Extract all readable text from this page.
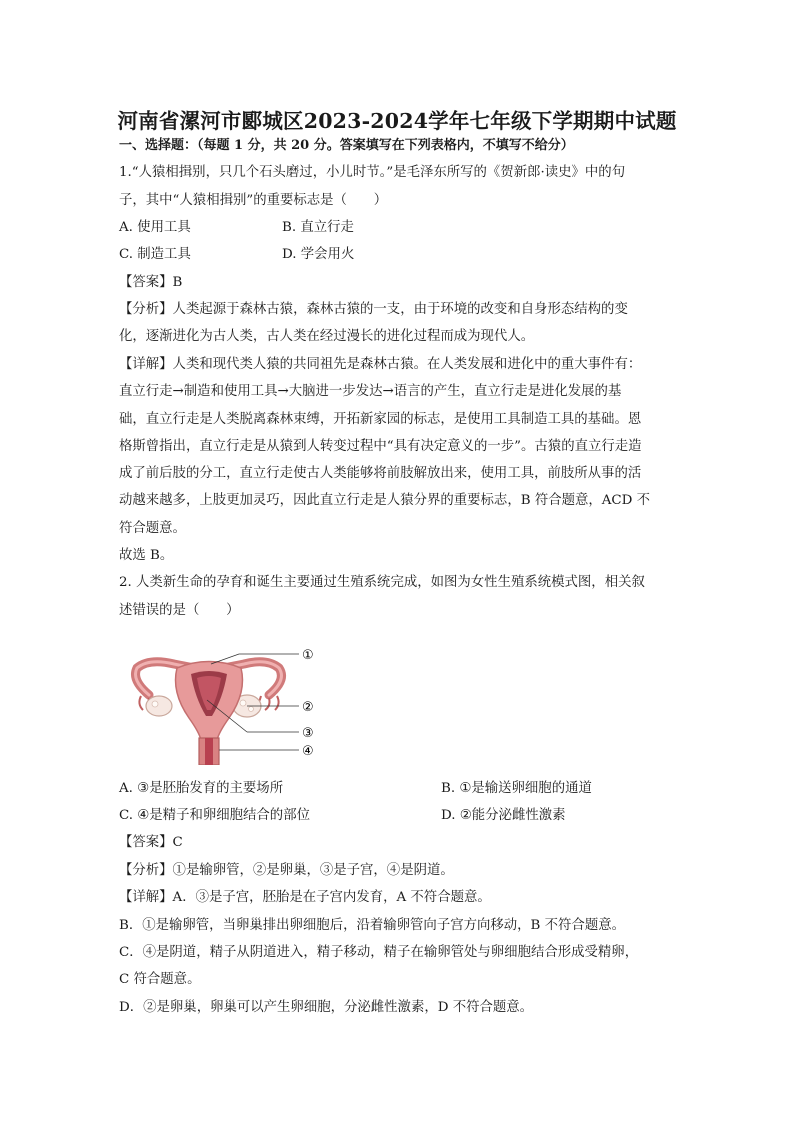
河南省漯河市郾城区2023-2024学年七年级下学期期中试题
一、选择题：（每题 1 分，共 20 分。答案填写在下列表格内，不填写不给分）
1.“人猿相揖别，只几个石头磨过，小儿时节。”是毛泽东所写的《贺新郎·读史》中的句
子，其中“人猿相揖别”的重要标志是（　　）
A. 使用工具	B. 直立行走
C. 制造工具	D. 学会用火
【答案】B
【分析】人类起源于森林古猿，森林古猿的一支，由于环境的改变和自身形态结构的变
化，逐渐进化为古人类，古人类在经过漫长的进化过程而成为现代人。
【详解】人类和现代类人猿的共同祖先是森林古猿。在人类发展和进化中的重大事件有：
直立行走→制造和使用工具→大脑进一步发达→语言的产生，直立行走是进化发展的基
础，直立行走是人类脱离森林束缚，开拓新家园的标志，是使用工具制造工具的基础。恩
格斯曾指出，直立行走是从猿到人转变过程中“具有决定意义的一步”。古猿的直立行走造
成了前后肢的分工，直立行走使古人类能够将前肢解放出来，使用工具，前肢所从事的活
动越来越多，上肢更加灵巧，因此直立行走是人猿分界的重要标志，B 符合题意，ACD 不
符合题意。
故选 B。
2. 人类新生命的孕育和诞生主要通过生殖系统完成，如图为女性生殖系统模式图，相关叙
述错误的是（　　）
①
②
③
④
A. ③是胚胎发育的主要场所	B. ①是输送卵细胞的通道
C. ④是精子和卵细胞结合的部位	D. ②能分泌雌性激素
【答案】C
【分析】①是输卵管，②是卵巢，③是子宫，④是阴道。
【详解】A．③是子宫，胚胎是在子宫内发育，A 不符合题意。
B．①是输卵管，当卵巢排出卵细胞后，沿着输卵管向子宫方向移动，B 不符合题意。
C．④是阴道，精子从阴道进入，精子移动，精子在输卵管处与卵细胞结合形成受精卵，
C 符合题意。
D．②是卵巢，卵巢可以产生卵细胞，分泌雌性激素，D 不符合题意。
